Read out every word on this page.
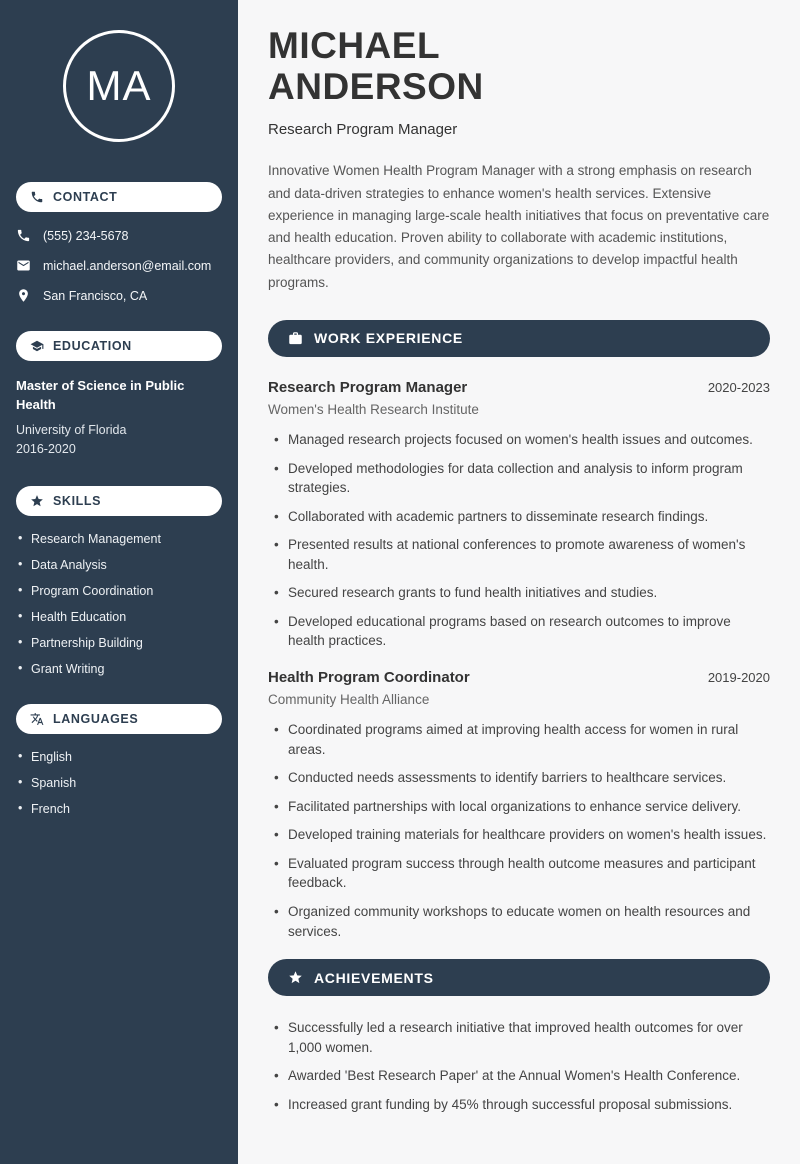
MA
CONTACT
(555) 234-5678
michael.anderson@email.com
San Francisco, CA
EDUCATION
Master of Science in Public Health
University of Florida
2016-2020
SKILLS
• Research Management
• Data Analysis
• Program Coordination
• Health Education
• Partnership Building
• Grant Writing
LANGUAGES
• English
• Spanish
• French
MICHAEL ANDERSON
Research Program Manager

Innovative Women Health Program Manager with a strong emphasis on research and data-driven strategies to enhance women's health services. Extensive experience in managing large-scale health initiatives that focus on preventative care and health education. Proven ability to collaborate with academic institutions, healthcare providers, and community organizations to develop impactful health programs.

WORK EXPERIENCE
Research Program Manager	2020-2023
Women's Health Research Institute
• Managed research projects focused on women's health issues and outcomes.
• Developed methodologies for data collection and analysis to inform program strategies.
• Collaborated with academic partners to disseminate research findings.
• Presented results at national conferences to promote awareness of women's health.
• Secured research grants to fund health initiatives and studies.
• Developed educational programs based on research outcomes to improve health practices.
Health Program Coordinator	2019-2020
Community Health Alliance
• Coordinated programs aimed at improving health access for women in rural areas.
• Conducted needs assessments to identify barriers to healthcare services.
• Facilitated partnerships with local organizations to enhance service delivery.
• Developed training materials for healthcare providers on women's health issues.
• Evaluated program success through health outcome measures and participant feedback.
• Organized community workshops to educate women on health resources and services.
ACHIEVEMENTS
• Successfully led a research initiative that improved health outcomes for over 1,000 women.
• Awarded 'Best Research Paper' at the Annual Women's Health Conference.
• Increased grant funding by 45% through successful proposal submissions.
